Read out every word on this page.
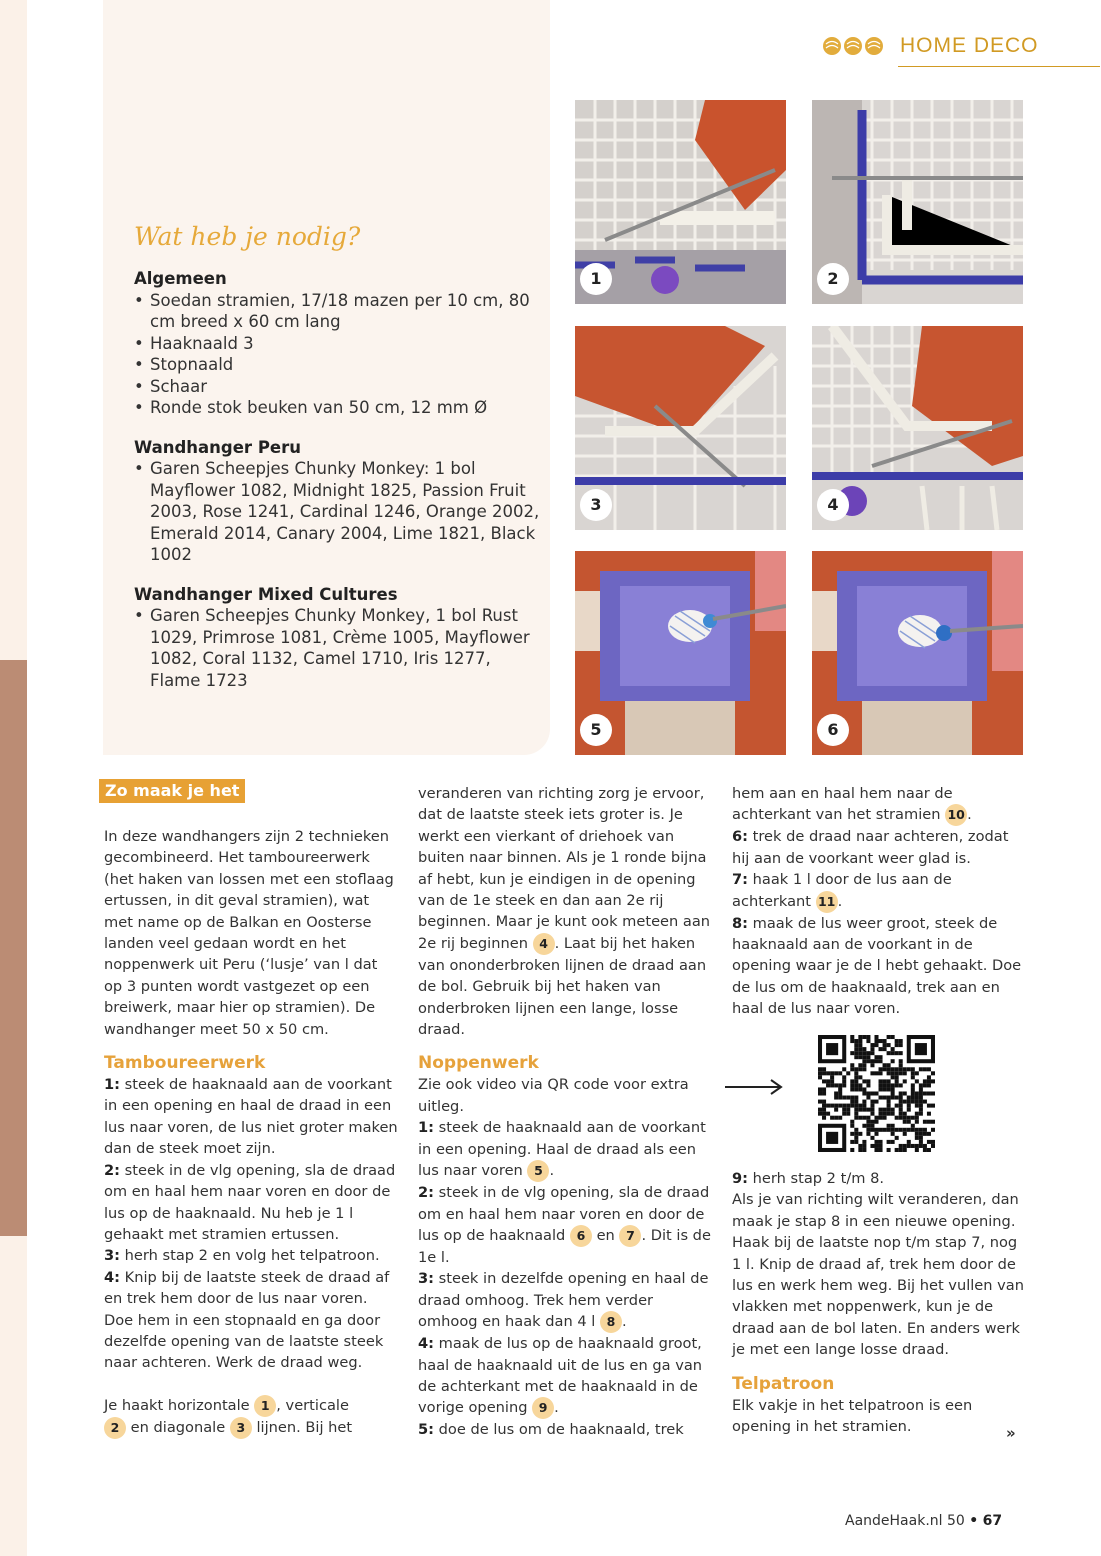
HOME DECO
Wat heb je nodig?
Algemeen
• Soedan stramien, 17/18 mazen per 10 cm, 80 cm breed x 60 cm lang
• Haaknaald 3
• Stopnaald
• Schaar
• Ronde stok beuken van 50 cm, 12 mm Ø
Wandhanger Peru
• Garen Scheepjes Chunky Monkey: 1 bol Mayflower 1082, Midnight 1825, Passion Fruit 2003, Rose 1241, Cardinal 1246, Orange 2002, Emerald 2014, Canary 2004, Lime 1821, Black 1002
Wandhanger Mixed Cultures
• Garen Scheepjes Chunky Monkey, 1 bol Rust 1029, Primrose 1081, Crème 1005, Mayflower 1082, Coral 1132, Camel 1710, Iris 1277, Flame 1723
1	2
3	4
5	6
Zo maak je het

In deze wandhangers zijn 2 technieken gecombineerd. Het tamboureerwerk (het haken van lossen met een stoflaag ertussen, in dit geval stramien), wat met name op de Balkan en Oosterse landen veel gedaan wordt en het noppenwerk uit Peru (‘lusje’ van l dat op 3 punten wordt vastgezet op een breiwerk, maar hier op stramien). De wandhanger meet 50 x 50 cm.

Tamboureerwerk

1: steek de haaknaald aan de voorkant in een opening en haal de draad in een lus naar voren, de lus niet groter maken dan de steek moet zijn.

2: steek in de vlg opening, sla de draad om en haal hem naar voren en door de lus op de haaknaald. Nu heb je 1 l gehaakt met stramien ertussen.

3: herh stap 2 en volg het telpatroon.

4: Knip bij de laatste steek de draad af en trek hem door de lus naar voren. Doe hem in een stopnaald en ga door dezelfde opening van de laatste steek naar achteren. Werk de draad weg.

Je haakt horizontale 1 , verticale
2 en diagonale 3 lijnen. Bij het

veranderen van richting zorg je ervoor, dat de laatste steek iets groter is. Je werkt een vierkant of driehoek van buiten naar binnen. Als je 1 ronde bijna af hebt, kun je eindigen in de opening van de 1e steek en dan aan 2e rij beginnen. Maar je kunt ook meteen aan 2e rij beginnen 4 . Laat bij het haken van ononderbroken lijnen de draad aan de bol. Gebruik bij het haken van onderbroken lijnen een lange, losse draad.

Noppenwerk

Zie ook video via QR code voor extra uitleg.

1: steek de haaknaald aan de voorkant in een opening. Haal de draad als een lus naar voren 5 .

2: steek in de vlg opening, sla de draad om en haal hem naar voren en door de lus op de haaknaald 6 en 7 . Dit is de 1e l.

3: steek in dezelfde opening en haal de draad omhoog. Trek hem verder omhoog en haak dan 4 l 8 .

4: maak de lus op de haaknaald groot, haal de haaknaald uit de lus en ga van de achterkant met de haaknaald in de vorige opening 9 .

5: doe de lus om de haaknaald, trek

hem aan en haal hem naar de achterkant van het stramien 10 .

6: trek de draad naar achteren, zodat hij aan de voorkant weer glad is.

7: haak 1 l door de lus aan de achterkant 11 .

8: maak de lus weer groot, steek de haaknaald aan de voorkant in de opening waar je de l hebt gehaakt. Doe de lus om de haaknaald, trek aan en haal de lus naar voren.

9: herh stap 2 t/m 8.

Als je van richting wilt veranderen, dan maak je stap 8 in een nieuwe opening. Haak bij de laatste nop t/m stap 7, nog 1 l. Knip de draad af, trek hem door de lus en werk hem weg. Bij het vullen van vlakken met noppenwerk, kun je de draad aan de bol laten. En anders werk je met een lange losse draad.

Telpatroon

Elk vakje in het telpatroon is een opening in het stramien.	»
AandeHaak.nl 50 • 67
